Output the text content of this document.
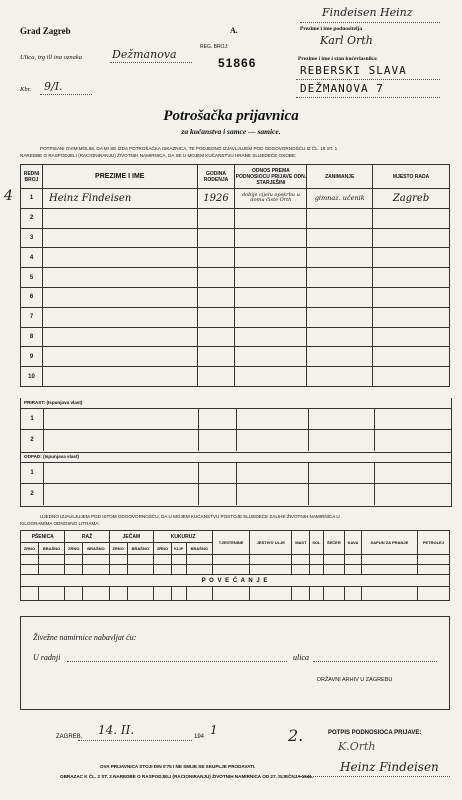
Grad Zagreb
Ulica, trg ill ina oznaka	Dežmanova
Kbr. 9/I.
A.
REG. BROJ:
51866
Findeisen Heinz
Prezime i ime podnositelja
Karl Orth
Prezime i ime i stan kućevlasnika:
REBERSKI SLAVA
DEŽMANOVA 7
Potrošačka prijavnica
za kućanstva i samce — samice.
POTPISANI OVIM MOLIM, DA MI SE IZDA POTROŠAČKA ISKAZNICA, TE PODJEDNO IZJAVLJUJEM POD ODGOVORNOŠĆU IZ ČL. 18 ST. 1
NAREDBE O RASPODJELI (RACIONIRANJU) ŽIVOTNIH NAMIRNICA, DA SE U MOJEM KUĆANSTVU HRANE SLIJEDEĆE OSOBE:
4
REDNI BROJ	PREZIME I IME	GODINA RODENJA	ODNOS PREMA PODNOSIOCU PRIJAVE ODN. STARJEŠINI	ZANIMANJE	MJESTO RADA
1	Heinz Findeisen	1926	dobije cijelu opskrbu u domu čiste Orth	gimnaz. učenik	Zagreb
2					
3					
4					
5					
6					
7					
8					
9					
10					
PRIRAST: (Ispunjava vlast)
1
2
ODPAD: (Ispunjava vlast)
1
2
UJEDNO IZJAVLJUJEM POD ISTOM ODGOVORNOŠĆU, DA U MOJEM KUĆANSTVU POSTOJE SLIJEDEĆE ZALIHE ŽIVOTNIH NAMIRNICA U
KILOGRAMIMA ODNOSNO LITRAMA:
PŠENICA		RAŽ		JEČAM		KUKURUZ			TJESTENINE	JESTIVO ULJE	MAST	SOL	ŠEĆER	KAVA	SAPUN ZA PRANJE	PETROLEJ
ZRNO	BRAŠNO	ZRNO	BRAŠNO	ZRNO	BRAŠNO	ZRNO	KLIP	BRAŠNO								

P O V E Ć A N J E																

Živežne namirnice nabavljat ću:
U radnji	ulica
DRŽAVNI ARHIV U ZAGREBU
ZAGREB, 14. II.	194 1	2.	POTPIS PODNOSIOCA PRIJAVE:
K.Orth
Heinz Findeisen
OVA PRIJAVNICA STOJI DIN 0'75 I NE SMIJE SE SKUPLJE PRODAVATI.
OBRAZAC K ČL. 2 ST. 2 NAREDBE O RASPODJELI (RACIONIRANJU) ŽIVOTNIH NAMIRNICA OD 27. SIJEČNJA 1941.
